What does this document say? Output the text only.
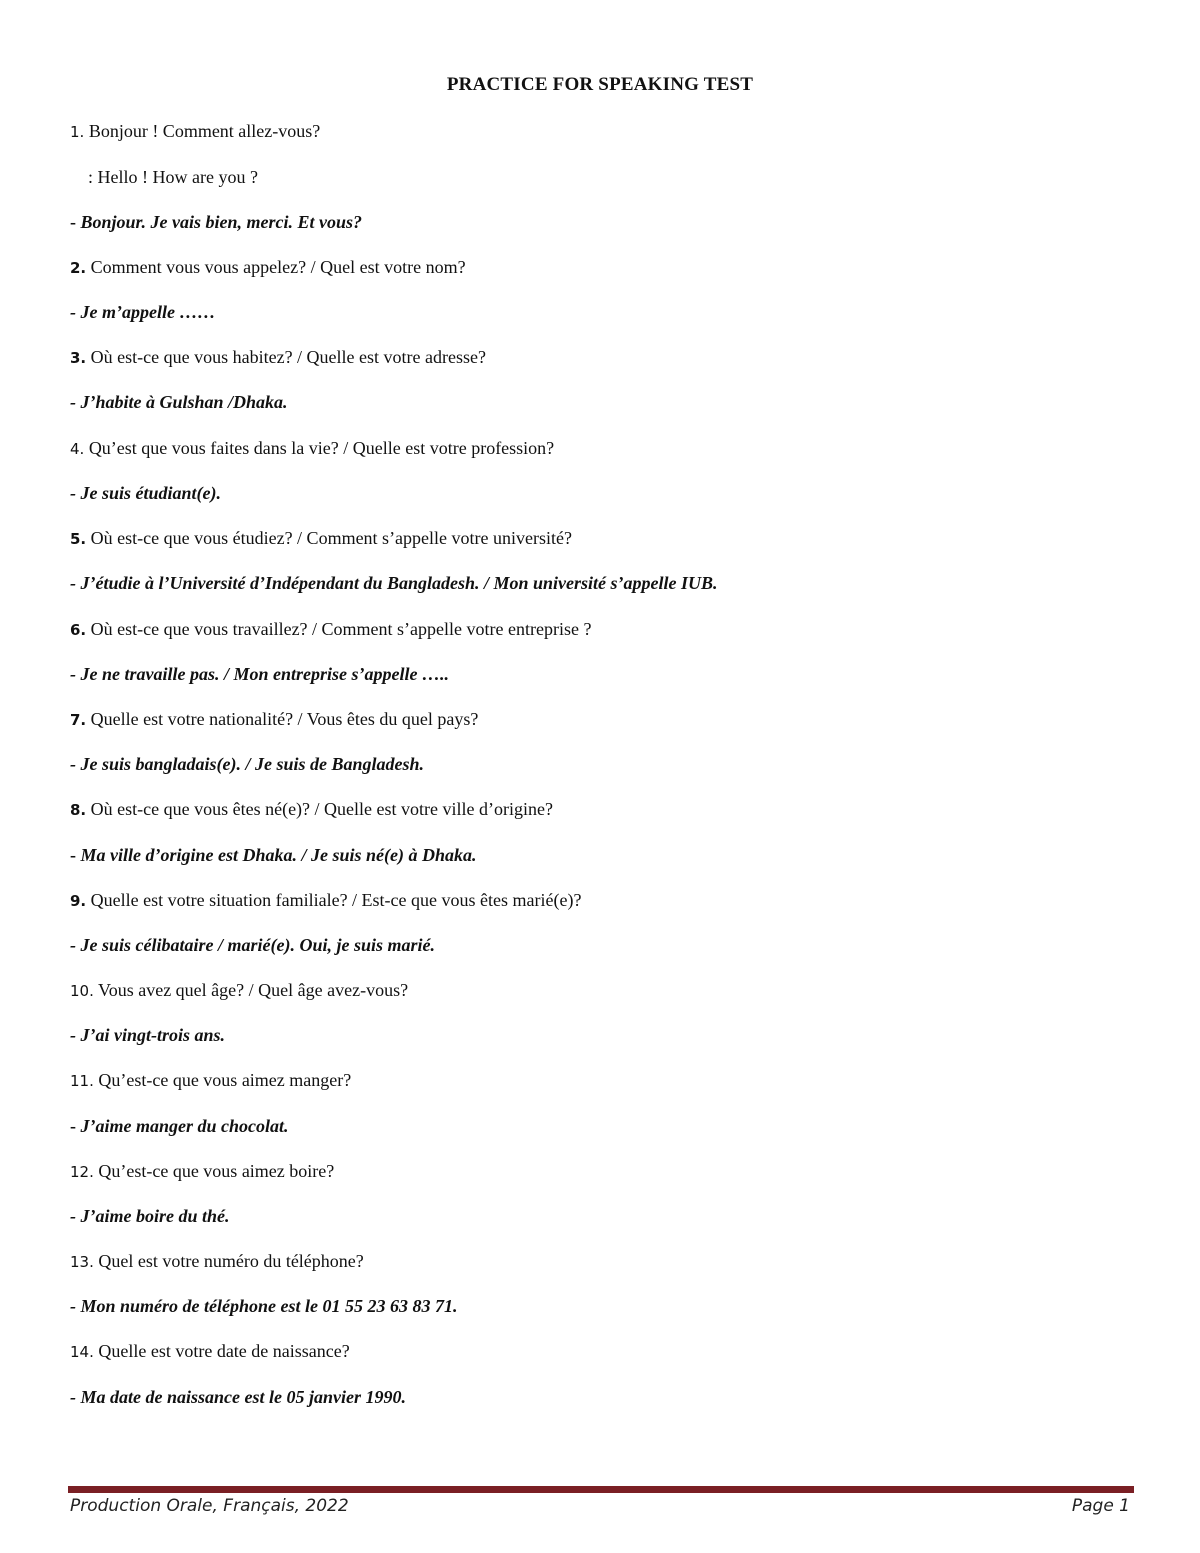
PRACTICE FOR SPEAKING TEST
1. Bonjour ! Comment allez-vous?
: Hello ! How are you ?
- Bonjour. Je vais bien, merci. Et vous?
2. Comment vous vous appelez? / Quel est votre nom?
- Je m’appelle ……
3. Où est-ce que vous habitez? / Quelle est votre adresse?
- J’habite à Gulshan /Dhaka.
4. Qu’est que vous faites dans la vie? / Quelle est votre profession?
- Je suis étudiant(e).
5. Où est-ce que vous étudiez? / Comment s’appelle votre université?
- J’étudie à l’Université d’Indépendant du Bangladesh. / Mon université s’appelle IUB.
6. Où est-ce que vous travaillez? / Comment s’appelle votre entreprise ?
- Je ne travaille pas. / Mon entreprise s’appelle …..
7. Quelle est votre nationalité? / Vous êtes du quel pays?
- Je suis bangladais(e). / Je suis de Bangladesh.
8. Où est-ce que vous êtes né(e)? / Quelle est votre ville d’origine?
- Ma ville d’origine est Dhaka. / Je suis né(e) à Dhaka.
9. Quelle est votre situation familiale? / Est-ce que vous êtes marié(e)?
- Je suis célibataire / marié(e). Oui, je suis marié.
10. Vous avez quel âge? / Quel âge avez-vous?
- J’ai vingt-trois ans.
11. Qu’est-ce que vous aimez manger?
- J’aime manger du chocolat.
12. Qu’est-ce que vous aimez boire?
- J’aime boire du thé.
13. Quel est votre numéro du téléphone?
- Mon numéro de téléphone est le 01 55 23 63 83 71.
14. Quelle est votre date de naissance?
- Ma date de naissance est le 05 janvier 1990.
Production Orale, Français, 2022	Page 1
